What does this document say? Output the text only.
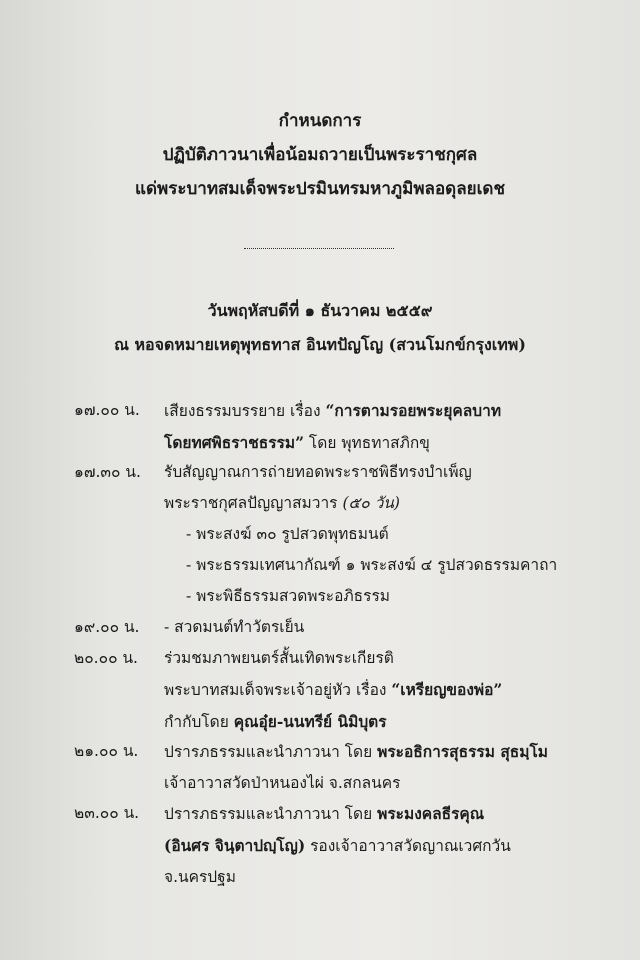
กำหนดการ
ปฏิบัติภาวนาเพื่อน้อมถวายเป็นพระราชกุศล
แด่พระบาทสมเด็จพระปรมินทรมหาภูมิพลอดุลยเดช
วันพฤหัสบดีที่ ๑ ธันวาคม ๒๕๕๙
ณ หอจดหมายเหตุพุทธทาส อินทปัญโญ (สวนโมกข์กรุงเทพ)
๑๗.๐๐ น.	เสียงธรรมบรรยาย เรื่อง “การตามรอยพระยุคลบาท
โดยทศพิธราชธรรม” โดย พุทธทาสภิกขุ
๑๗.๓๐ น.	รับสัญญาณการถ่ายทอดพระราชพิธีทรงบำเพ็ญ
พระราชกุศลปัญญาสมวาร (๕๐ วัน)
- พระสงฆ์ ๓๐ รูปสวดพุทธมนต์
- พระธรรมเทศนากัณฑ์ ๑ พระสงฆ์ ๔ รูปสวดธรรมคาถา
- พระพิธีธรรมสวดพระอภิธรรม
๑๙.๐๐ น.	- สวดมนต์ทำวัตรเย็น
๒๐.๐๐ น.	ร่วมชมภาพยนตร์สั้นเทิดพระเกียรติ
พระบาทสมเด็จพระเจ้าอยู่หัว เรื่อง “เหรียญของพ่อ”
กำกับโดย คุณอุ๋ย-นนทรีย์ นิมิบุตร
๒๑.๐๐ น.	ปรารภธรรมและนำภาวนา โดย พระอธิการสุธรรม สุธมฺโม
เจ้าอาวาสวัดป่าหนองไผ่ จ.สกลนคร
๒๓.๐๐ น.	ปรารภธรรมและนำภาวนา โดย พระมงคลธีรคุณ
(อินศร จินฺตาปญฺโญ) รองเจ้าอาวาสวัดญาณเวศกวัน
จ.นครปฐม
